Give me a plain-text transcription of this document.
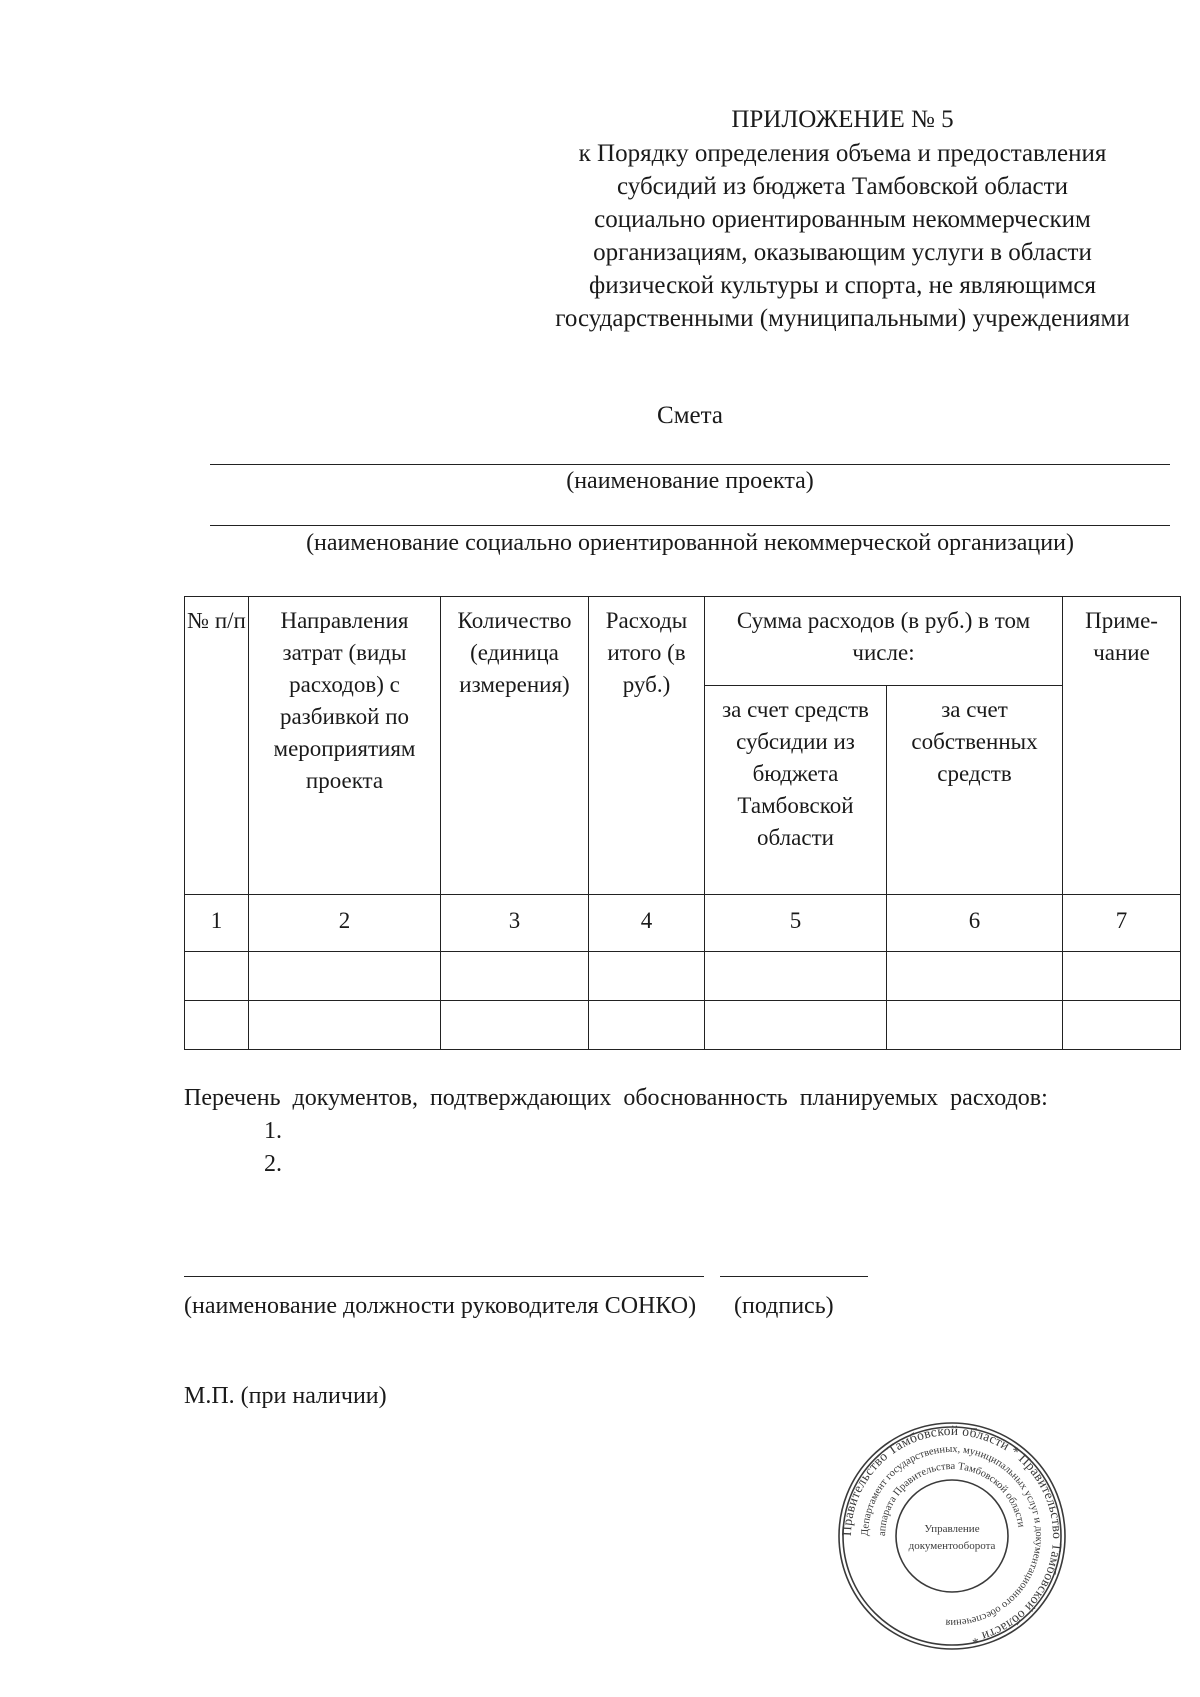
ПРИЛОЖЕНИЕ № 5
к Порядку определения объема и предоставления
субсидий из бюджета Тамбовской области
социально ориентированным некоммерческим
организациям, оказывающим услуги в области
физической культуры и спорта, не являющимся
государственными (муниципальными) учреждениями
Смета
(наименование проекта)
(наименование социально ориентированной некоммерческой организации)
№ п/п	Направления затрат (виды расходов) с разбивкой по мероприятиям проекта	Количество (единица измерения)	Расходы итого (в руб.)	Сумма расходов (в руб.) в том числе:		Приме-чание
				за счет средств субсидии из бюджета Тамбовской области	за счет собственных средств	
1	2	3	4	5	6	7

Перечень документов, подтверждающих обоснованность планируемых расходов:
1.
2.
(наименование должности руководителя СОНКО)	(подпись)
М.П. (при наличии)
Правительство Тамбовской области * Правительство Тамбовской области *
Департамент государственных, муниципальных услуг и документационного обеспечения
аппарата Правительства Тамбовской области
Управление
документооборота
